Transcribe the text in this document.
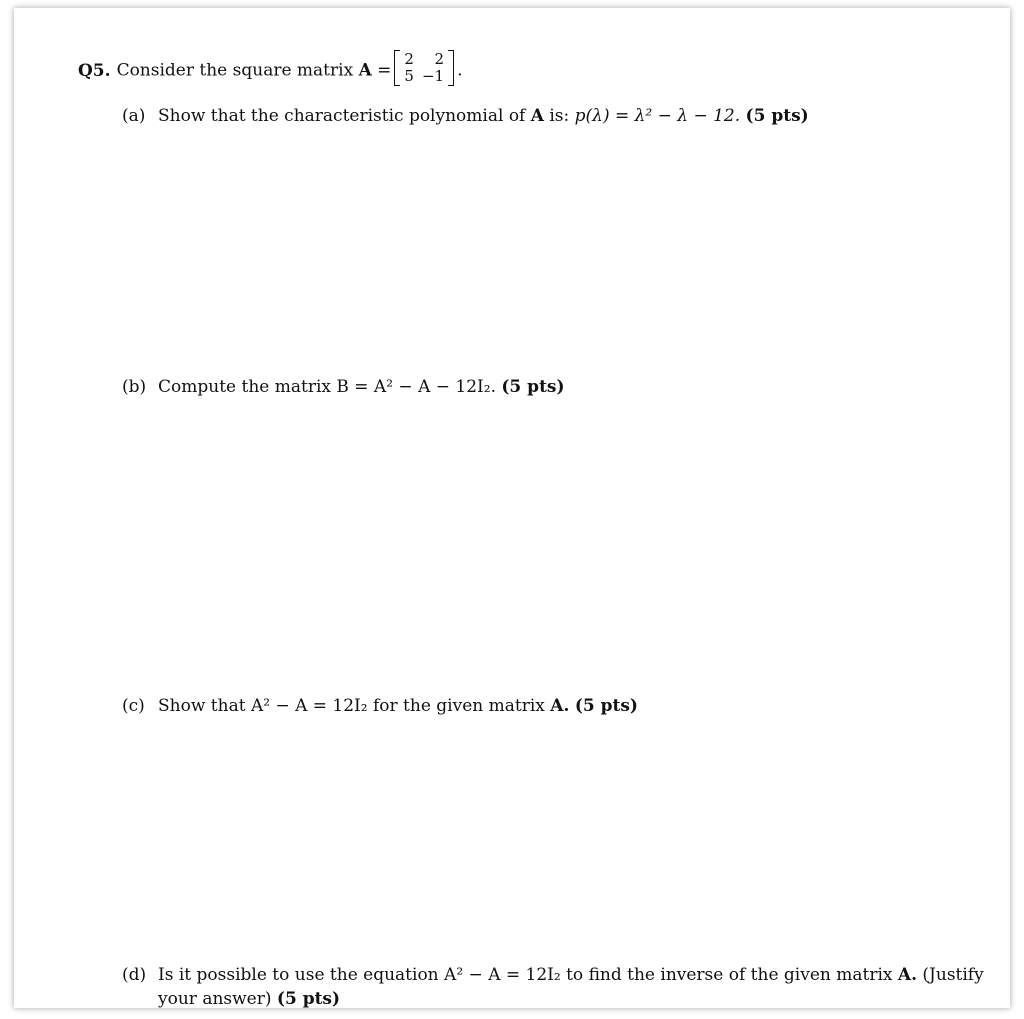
Q5. Consider the square matrix A =
2	2
5	−1 .
(a) Show that the characteristic polynomial of A is: p(λ) = λ² − λ − 12. (5 pts)
(b) Compute the matrix B = A² − A − 12I₂. (5 pts)
(c) Show that A² − A = 12I₂ for the given matrix A. (5 pts)
(d) Is it possible to use the equation A² − A = 12I₂ to find the inverse of the given matrix A. (Justify
your answer) (5 pts)
